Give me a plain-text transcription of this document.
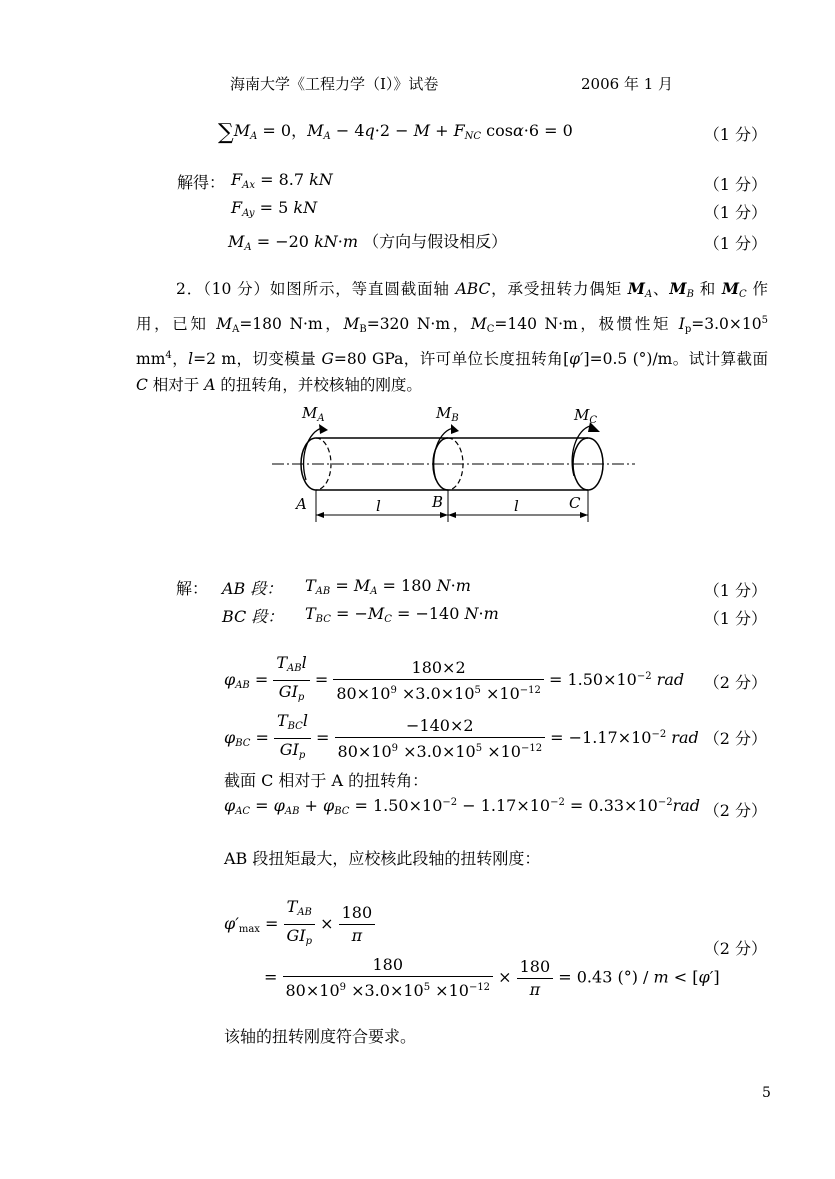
海南大学《工程力学（I）》试卷	2006 年 1 月
$\sum M_A = 0$，$M_A - 4q\cdot 2 - M + F_{NC}$ cosα·6 = 0	（1 分）
解得： $F_{Ax} = 8.7$ kN	（1 分）
$F_{Ay} = 5$ kN	（1 分）
$M_A = -20$ kN·m （方向与假设相反）	（1 分）
2．（10 分）如图所示，等直圆截面轴 ABC，承受扭转力偶矩 $M_A$、$M_B$ 和 $M_C$ 作用，已知 $M_A=180$ N·m，$M_B=320$ N·m，$M_C=140$ N·m，极惯性矩 $I_p=3.0\times 10^5$ $mm^4$，l=2 m，切变模量 G=80 GPa，许可单位长度扭转角[φ′]=0.5 (°)/m。试计算截面 C 相对于 A 的扭转角，并校核轴的刚度。
$M_A$	$M_B$	$M_C$
A	B	C
l	l
解： AB 段： $T_{AB} = M_A = 180$ N·m	（1 分）
BC 段： $T_{BC} = -M_C = -140$ N·m	（1 分）
$\varphi_{AB} = \frac{T_{AB}l}{GI_p} = \frac{180\times 2}{80\times 10^9 \times 3.0\times 10^5 \times 10^{-12}} = 1.50\times 10^{-2}$ rad （2 分）
$\varphi_{BC} = \frac{T_{BC}l}{GI_p} = \frac{-140\times 2}{80\times 10^9 \times 3.0\times 10^5 \times 10^{-12}} = -1.17\times 10^{-2}$ rad （2 分）
截面 C 相对于 A 的扭转角：
$\varphi_{AC} = \varphi_{AB} + \varphi_{BC} = 1.50\times 10^{-2} - 1.17\times 10^{-2} = 0.33\times 10^{-2}rad$ （2 分）
AB 段扭矩最大，应校核此段轴的扭转刚度：
$\varphi'_{max} = \frac{T_{AB}}{GI_p} \times \frac{180}{\pi}$
（2 分）
= $\frac{180}{80\times 10^9 \times 3.0\times 10^5 \times 10^{-12}} \times \frac{180}{\pi} = 0.43$ (°) / m < [φ′]
该轴的扭转刚度符合要求。
5
